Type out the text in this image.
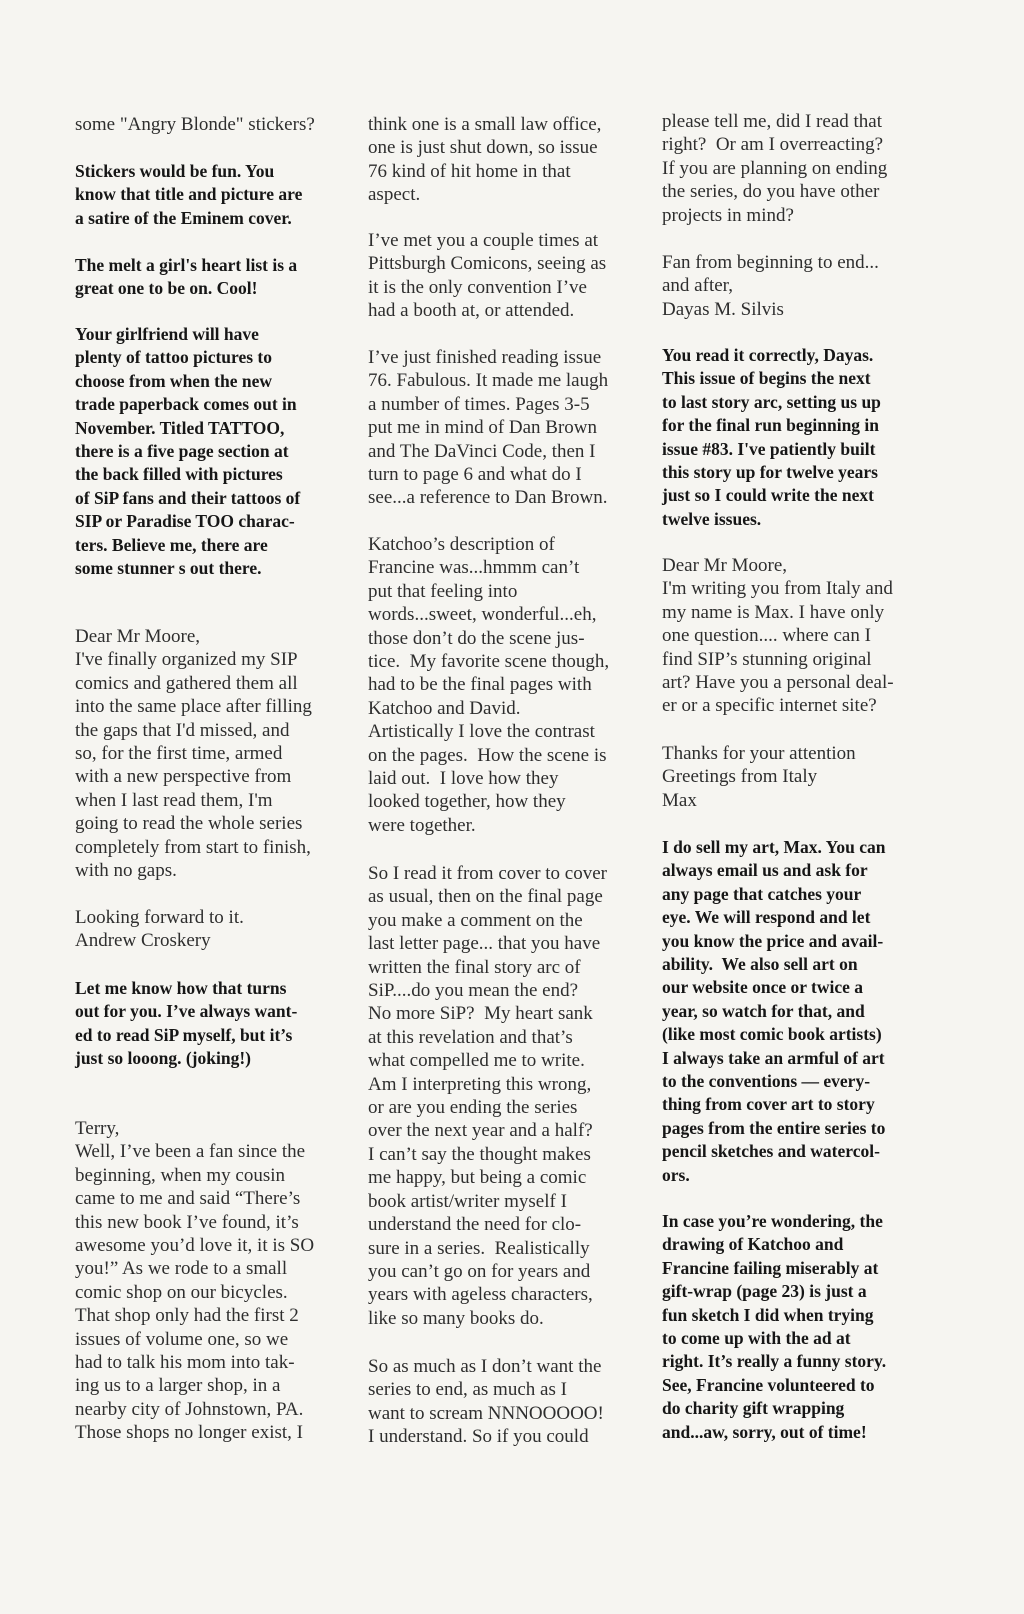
some "Angry Blonde" stickers?

Stickers would be fun. You
know that title and picture are
a satire of the Eminem cover.

The melt a girl's heart list is a
great one to be on. Cool!

Your girlfriend will have
plenty of tattoo pictures to
choose from when the new
trade paperback comes out in
November. Titled TATTOO,
there is a five page section at
the back filled with pictures
of SiP fans and their tattoos of
SIP or Paradise TOO charac-
ters. Believe me, there are
some stunner s out there.

Dear Mr Moore,
I've finally organized my SIP
comics and gathered them all
into the same place after filling
the gaps that I'd missed, and
so, for the first time, armed
with a new perspective from
when I last read them, I'm
going to read the whole series
completely from start to finish,
with no gaps.

Looking forward to it.
Andrew Croskery

Let me know how that turns
out for you. I’ve always want-
ed to read SiP myself, but it’s
just so looong. (joking!)

Terry,
Well, I’ve been a fan since the
beginning, when my cousin
came to me and said “There’s
this new book I’ve found, it’s
awesome you’d love it, it is SO
you!” As we rode to a small
comic shop on our bicycles.
That shop only had the first 2
issues of volume one, so we
had to talk his mom into tak-
ing us to a larger shop, in a
nearby city of Johnstown, PA.
Those shops no longer exist, I

think one is a small law office,
one is just shut down, so issue
76 kind of hit home in that
aspect.

I’ve met you a couple times at
Pittsburgh Comicons, seeing as
it is the only convention I’ve
had a booth at, or attended.

I’ve just finished reading issue
76. Fabulous. It made me laugh
a number of times. Pages 3-5
put me in mind of Dan Brown
and The DaVinci Code, then I
turn to page 6 and what do I
see...a reference to Dan Brown.

Katchoo’s description of
Francine was...hmmm can’t
put that feeling into
words...sweet, wonderful...eh,
those don’t do the scene jus-
tice.  My favorite scene though,
had to be the final pages with
Katchoo and David.
Artistically I love the contrast
on the pages.  How the scene is
laid out.  I love how they
looked together, how they
were together.

So I read it from cover to cover
as usual, then on the final page
you make a comment on the
last letter page... that you have
written the final story arc of
SiP....do you mean the end?
No more SiP?  My heart sank
at this revelation and that’s
what compelled me to write.
Am I interpreting this wrong,
or are you ending the series
over the next year and a half?
I can’t say the thought makes
me happy, but being a comic
book artist/writer myself I
understand the need for clo-
sure in a series.  Realistically
you can’t go on for years and
years with ageless characters,
like so many books do.

So as much as I don’t want the
series to end, as much as I
want to scream NNNOOOOO!
I understand. So if you could

please tell me, did I read that
right?  Or am I overreacting?
If you are planning on ending
the series, do you have other
projects in mind?

Fan from beginning to end...
and after,
Dayas M. Silvis

You read it correctly, Dayas.
This issue of begins the next
to last story arc, setting us up
for the final run beginning in
issue #83. I've patiently built
this story up for twelve years
just so I could write the next
twelve issues.

Dear Mr Moore,
I'm writing you from Italy and
my name is Max. I have only
one question.... where can I
find SIP’s stunning original
art? Have you a personal deal-
er or a specific internet site?

Thanks for your attention
Greetings from Italy
Max

I do sell my art, Max. You can
always email us and ask for
any page that catches your
eye. We will respond and let
you know the price and avail-
ability.  We also sell art on
our website once or twice a
year, so watch for that, and
(like most comic book artists)
I always take an armful of art
to the conventions — every-
thing from cover art to story
pages from the entire series to
pencil sketches and watercol-
ors.

In case you’re wondering, the
drawing of Katchoo and
Francine failing miserably at
gift-wrap (page 23) is just a
fun sketch I did when trying
to come up with the ad at
right. It’s really a funny story.
See, Francine volunteered to
do charity gift wrapping
and...aw, sorry, out of time!
